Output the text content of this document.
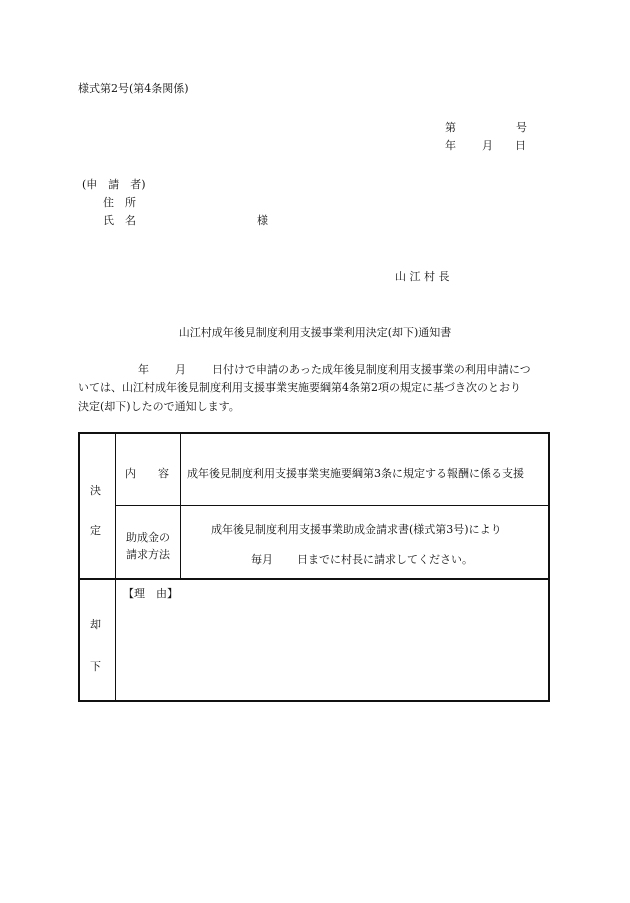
様式第2号(第4条関係)
第	号
年 月 日
(申　請　者)
住　所
氏　名	様
山 江 村 長
山江村成年後見制度利用支援事業利用決定(却下)通知書
年 月 日付けで申請のあった成年後見制度利用支援事業の利用申請につ
いては、山江村成年後見制度利用支援事業実施要綱第4条第2項の規定に基づき次のとおり
決定(却下)したので通知します。
決
定
内　　容 成年後見制度利用支援事業実施要綱第3条に規定する報酬に係る支援
助成金の
請求方法
成年後見制度利用支援事業助成金請求書(様式第3号)により
毎月 日までに村長に請求してください。
却
下
【理　由】
